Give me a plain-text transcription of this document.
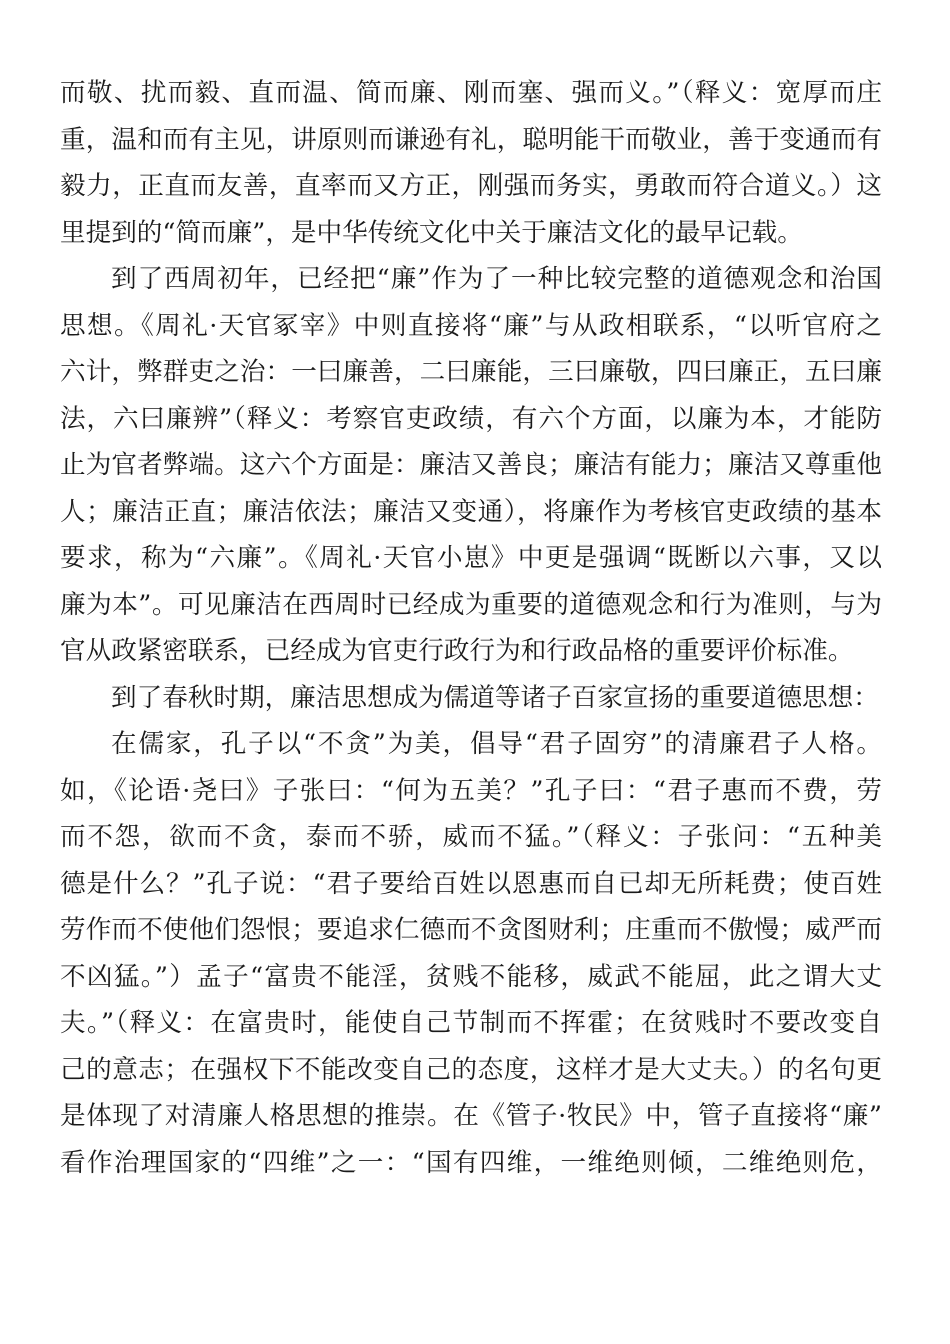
而敬、扰而毅、直而温、简而廉、刚而塞、强而义。”（释义：宽厚而庄
重，温和而有主见，讲原则而谦逊有礼，聪明能干而敬业，善于变通而有
毅力，正直而友善，直率而又方正，刚强而务实，勇敢而符合道义。）这
里提到的“简而廉”，是中华传统文化中关于廉洁文化的最早记载。
到了西周初年，已经把“廉”作为了一种比较完整的道德观念和治国
思想。《周礼·天官冢宰》中则直接将“廉”与从政相联系，“以听官府之
六计，弊群吏之治：一曰廉善，二曰廉能，三曰廉敬，四曰廉正，五曰廉
法，六曰廉辨”（释义：考察官吏政绩，有六个方面，以廉为本，才能防
止为官者弊端。这六个方面是：廉洁又善良；廉洁有能力；廉洁又尊重他
人；廉洁正直；廉洁依法；廉洁又变通），将廉作为考核官吏政绩的基本
要求，称为“六廉”。《周礼·天官小崽》中更是强调“既断以六事，又以
廉为本”。可见廉洁在西周时已经成为重要的道德观念和行为准则，与为
官从政紧密联系，已经成为官吏行政行为和行政品格的重要评价标准。
到了春秋时期，廉洁思想成为儒道等诸子百家宣扬的重要道德思想：
在儒家，孔子以“不贪”为美，倡导“君子固穷”的清廉君子人格。
如，《论语·尧曰》子张曰：“何为五美？”孔子曰：“君子惠而不费，劳
而不怨，欲而不贪，泰而不骄，威而不猛。”（释义：子张问：“五种美
德是什么？”孔子说：“君子要给百姓以恩惠而自已却无所耗费；使百姓
劳作而不使他们怨恨；要追求仁德而不贪图财利；庄重而不傲慢；威严而
不凶猛。”）孟子“富贵不能淫，贫贱不能移，威武不能屈，此之谓大丈
夫。”（释义：在富贵时，能使自己节制而不挥霍；在贫贱时不要改变自
己的意志；在强权下不能改变自己的态度，这样才是大丈夫。）的名句更
是体现了对清廉人格思想的推崇。在《管子·牧民》中，管子直接将“廉”
看作治理国家的“四维”之一：“国有四维，一维绝则倾，二维绝则危，
